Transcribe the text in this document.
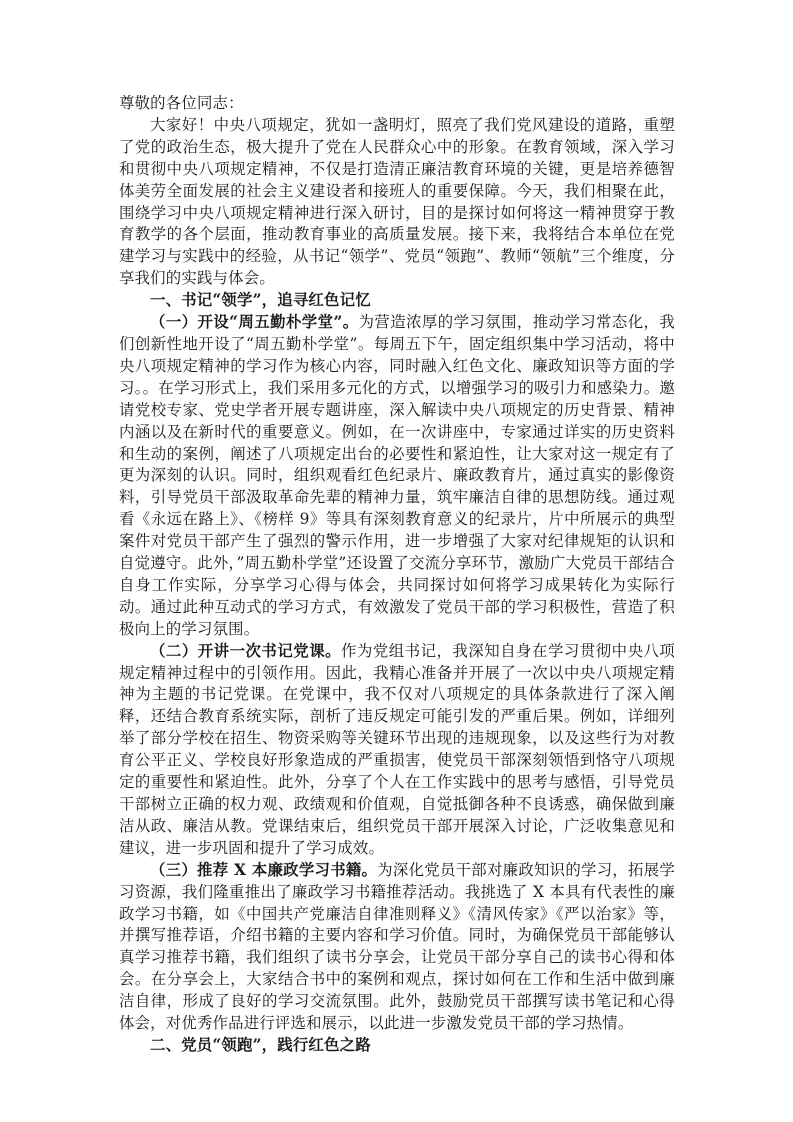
尊敬的各位同志：

大家好！中央八项规定，犹如一盏明灯，照亮了我们党风建设的道路，重塑了党的政治生态，极大提升了党在人民群众心中的形象。在教育领域，深入学习和贯彻中央八项规定精神，不仅是打造清正廉洁教育环境的关键，更是培养德智体美劳全面发展的社会主义建设者和接班人的重要保障。今天，我们相聚在此，围绕学习中央八项规定精神进行深入研讨，目的是探讨如何将这一精神贯穿于教育教学的各个层面，推动教育事业的高质量发展。接下来，我将结合本单位在党建学习与实践中的经验，从书记“领学”、党员“领跑”、教师“领航”三个维度，分享我们的实践与体会。

一、书记“领学”，追寻红色记忆

（一）开设“周五勤朴学堂”。为营造浓厚的学习氛围，推动学习常态化，我们创新性地开设了“周五勤朴学堂”。每周五下午，固定组织集中学习活动，将中央八项规定精神的学习作为核心内容，同时融入红色文化、廉政知识等方面的学习。。在学习形式上，我们采用多元化的方式，以增强学习的吸引力和感染力。邀请党校专家、党史学者开展专题讲座，深入解读中央八项规定的历史背景、精神内涵以及在新时代的重要意义。例如，在一次讲座中，专家通过详实的历史资料和生动的案例，阐述了八项规定出台的必要性和紧迫性，让大家对这一规定有了更为深刻的认识。同时，组织观看红色纪录片、廉政教育片，通过真实的影像资料，引导党员干部汲取革命先辈的精神力量，筑牢廉洁自律的思想防线。通过观看《永远在路上》、《榜样 9》等具有深刻教育意义的纪录片，片中所展示的典型案件对党员干部产生了强烈的警示作用，进一步增强了大家对纪律规矩的认识和自觉遵守。此外，”周五勤朴学堂”还设置了交流分享环节，激励广大党员干部结合自身工作实际，分享学习心得与体会，共同探讨如何将学习成果转化为实际行动。通过此种互动式的学习方式，有效激发了党员干部的学习积极性，营造了积极向上的学习氛围。

（二）开讲一次书记党课。作为党组书记，我深知自身在学习贯彻中央八项规定精神过程中的引领作用。因此，我精心准备并开展了一次以中央八项规定精神为主题的书记党课。在党课中，我不仅对八项规定的具体条款进行了深入阐释，还结合教育系统实际，剖析了违反规定可能引发的严重后果。例如，详细列举了部分学校在招生、物资采购等关键环节出现的违规现象，以及这些行为对教育公平正义、学校良好形象造成的严重损害，使党员干部深刻领悟到恪守八项规定的重要性和紧迫性。此外，分享了个人在工作实践中的思考与感悟，引导党员干部树立正确的权力观、政绩观和价值观，自觉抵御各种不良诱惑，确保做到廉洁从政、廉洁从教。党课结束后，组织党员干部开展深入讨论，广泛收集意见和建议，进一步巩固和提升了学习成效。

（三）推荐 X 本廉政学习书籍。为深化党员干部对廉政知识的学习，拓展学习资源，我们隆重推出了廉政学习书籍推荐活动。我挑选了 X 本具有代表性的廉政学习书籍，如《中国共产党廉洁自律准则释义》《清风传家》《严以治家》等，并撰写推荐语，介绍书籍的主要内容和学习价值。同时，为确保党员干部能够认真学习推荐书籍，我们组织了读书分享会，让党员干部分享自己的读书心得和体会。在分享会上，大家结合书中的案例和观点，探讨如何在工作和生活中做到廉洁自律，形成了良好的学习交流氛围。此外，鼓励党员干部撰写读书笔记和心得体会，对优秀作品进行评选和展示，以此进一步激发党员干部的学习热情。

二、党员“领跑”，践行红色之路
